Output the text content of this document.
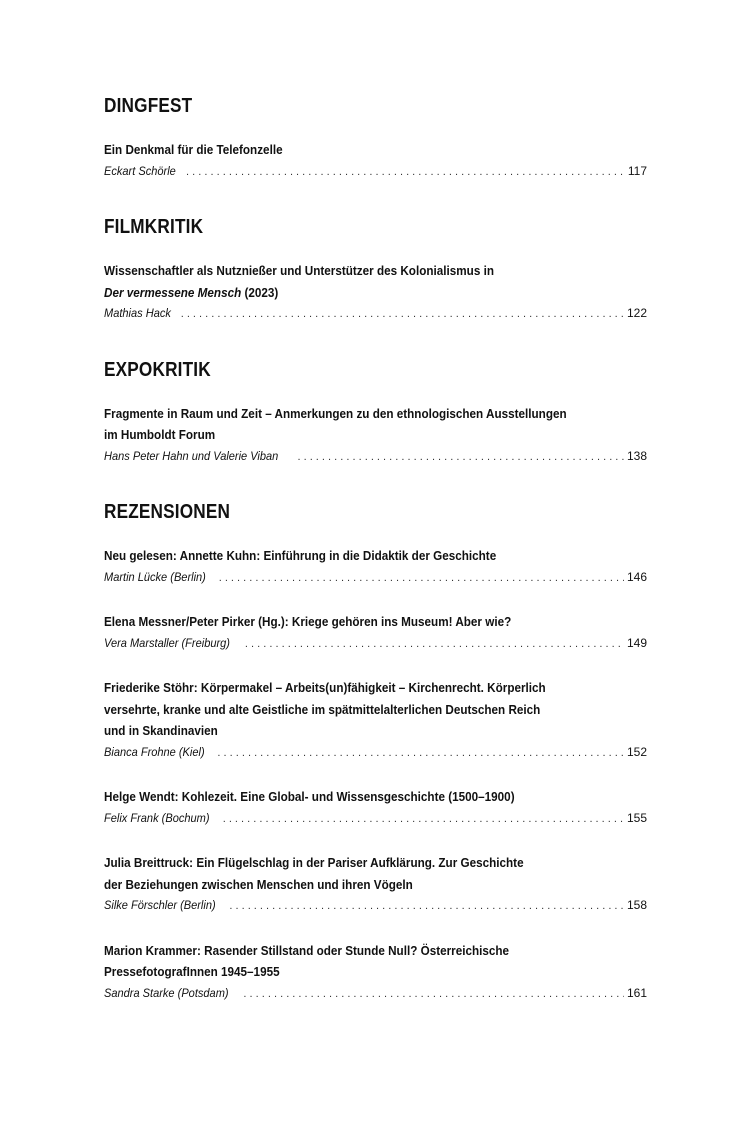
DINGFEST

Ein Denkmal für die Telefonzelle

Eckart Schörle . . .	117
FILMKRITIK

Wissenschaftler als Nutznießer und Unterstützer des Kolonialismus in

Der vermessene Mensch (2023)

Mathias Hack . . .	122
EXPOKRITIK

Fragmente in Raum und Zeit – Anmerkungen zu den ethnologischen Ausstellungen

im Humboldt Forum

Hans Peter Hahn und Valerie Viban . . .	138
REZENSIONEN

Neu gelesen: Annette Kuhn: Einführung in die Didaktik der Geschichte

Martin Lücke (Berlin) . . .	146

Elena Messner/Peter Pirker (Hg.): Kriege gehören ins Museum! Aber wie?

Vera Marstaller (Freiburg) . . .	149

Friederike Stöhr: Körpermakel – Arbeits(un)fähigkeit – Kirchenrecht. Körperlich

versehrte, kranke und alte Geistliche im spätmittelalterlichen Deutschen Reich

und in Skandinavien

Bianca Frohne (Kiel) . . .	152

Helge Wendt: Kohlezeit. Eine Global- und Wissensgeschichte (1500–1900)

Felix Frank (Bochum) . . .	155

Julia Breittruck: Ein Flügelschlag in der Pariser Aufklärung. Zur Geschichte

der Beziehungen zwischen Menschen und ihren Vögeln

Silke Förschler (Berlin) . . .	158

Marion Krammer: Rasender Stillstand oder Stunde Null? Österreichische

PressefotografInnen 1945–1955

Sandra Starke (Potsdam) . . .	161
